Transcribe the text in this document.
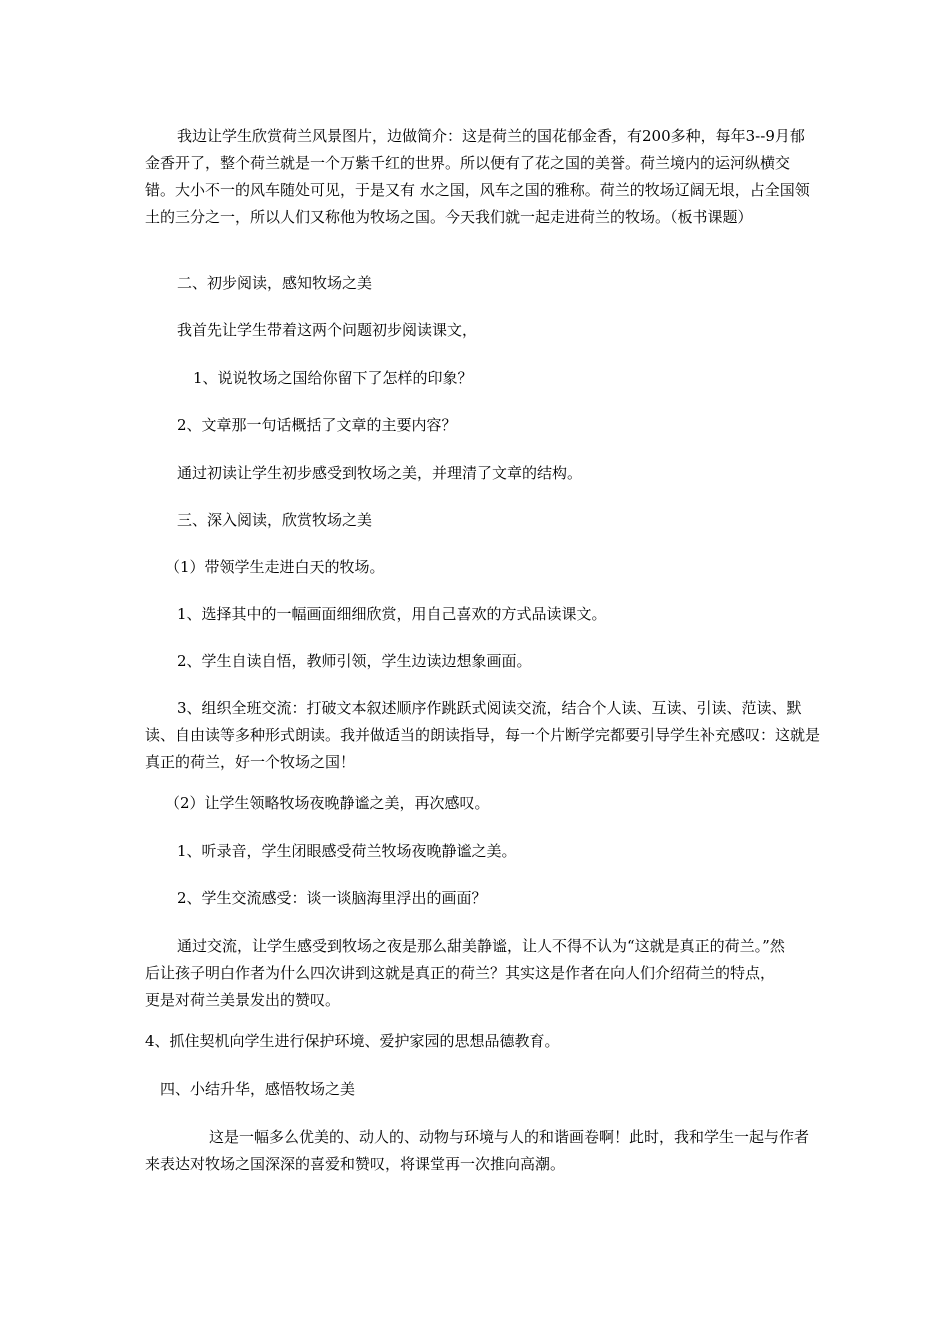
我边让学生欣赏荷兰风景图片，边做简介：这是荷兰的国花郁金香，有200多种，每年3--9月郁金香开了，整个荷兰就是一个万紫千红的世界。所以便有了花之国的美誉。荷兰境内的运河纵横交错。大小不一的风车随处可见，于是又有 水之国，风车之国的雅称。荷兰的牧场辽阔无垠，占全国领土的三分之一，所以人们又称他为牧场之国。今天我们就一起走进荷兰的牧场。（板书课题）

二、初步阅读，感知牧场之美

我首先让学生带着这两个问题初步阅读课文，

1、说说牧场之国给你留下了怎样的印象？

2、文章那一句话概括了文章的主要内容？

通过初读让学生初步感受到牧场之美，并理清了文章的结构。

三、深入阅读，欣赏牧场之美

（1）带领学生走进白天的牧场。

1、选择其中的一幅画面细细欣赏，用自己喜欢的方式品读课文。

2、学生自读自悟，教师引领，学生边读边想象画面。

3、组织全班交流：打破文本叙述顺序作跳跃式阅读交流，结合个人读、互读、引读、范读、默读、自由读等多种形式朗读。我并做适当的朗读指导，每一个片断学完都要引导学生补充感叹：这就是真正的荷兰，好一个牧场之国！

（2）让学生领略牧场夜晚静谧之美，再次感叹。

1、听录音，学生闭眼感受荷兰牧场夜晚静谧之美。

2、学生交流感受：谈一谈脑海里浮出的画面？

通过交流，让学生感受到牧场之夜是那么甜美静谧，让人不得不认为“这就是真正的荷兰。”然后让孩子明白作者为什么四次讲到这就是真正的荷兰？其实这是作者在向人们介绍荷兰的特点，更是对荷兰美景发出的赞叹。

4、抓住契机向学生进行保护环境、爱护家园的思想品德教育。

四、小结升华，感悟牧场之美

这是一幅多么优美的、动人的、动物与环境与人的和谐画卷啊！此时，我和学生一起与作者来表达对牧场之国深深的喜爱和赞叹，将课堂再一次推向高潮。
